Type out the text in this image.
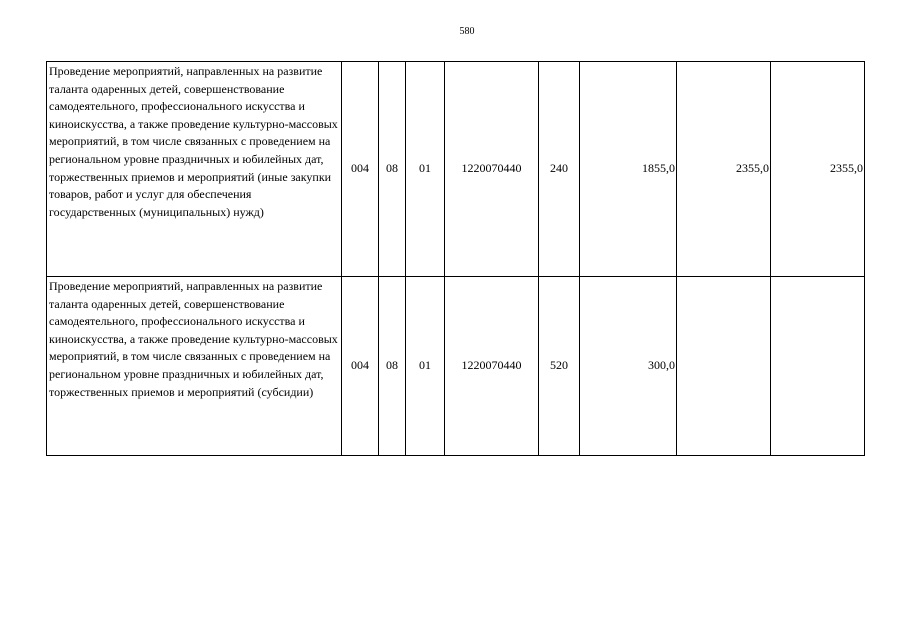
580
Проведение мероприятий, направленных на развитие таланта одаренных детей, совершенствование самодеятельного, профессионального искусства и киноискусства, а также проведение культурно-массовых мероприятий, в том числе связанных с проведением на региональном уровне праздничных и юбилейных дат, торжественных приемов и мероприятий (иные закупки товаров, работ и услуг для обеспечения государственных (муниципальных) нужд)	004	08	01	1220070440	240	1855,0	2355,0	2355,0
Проведение мероприятий, направленных на развитие таланта одаренных детей, совершенствование самодеятельного, профессионального искусства и киноискусства, а также проведение культурно-массовых мероприятий, в том числе связанных с проведением на региональном уровне праздничных и юбилейных дат, торжественных приемов и мероприятий (субсидии)	004	08	01	1220070440	520	300,0		
